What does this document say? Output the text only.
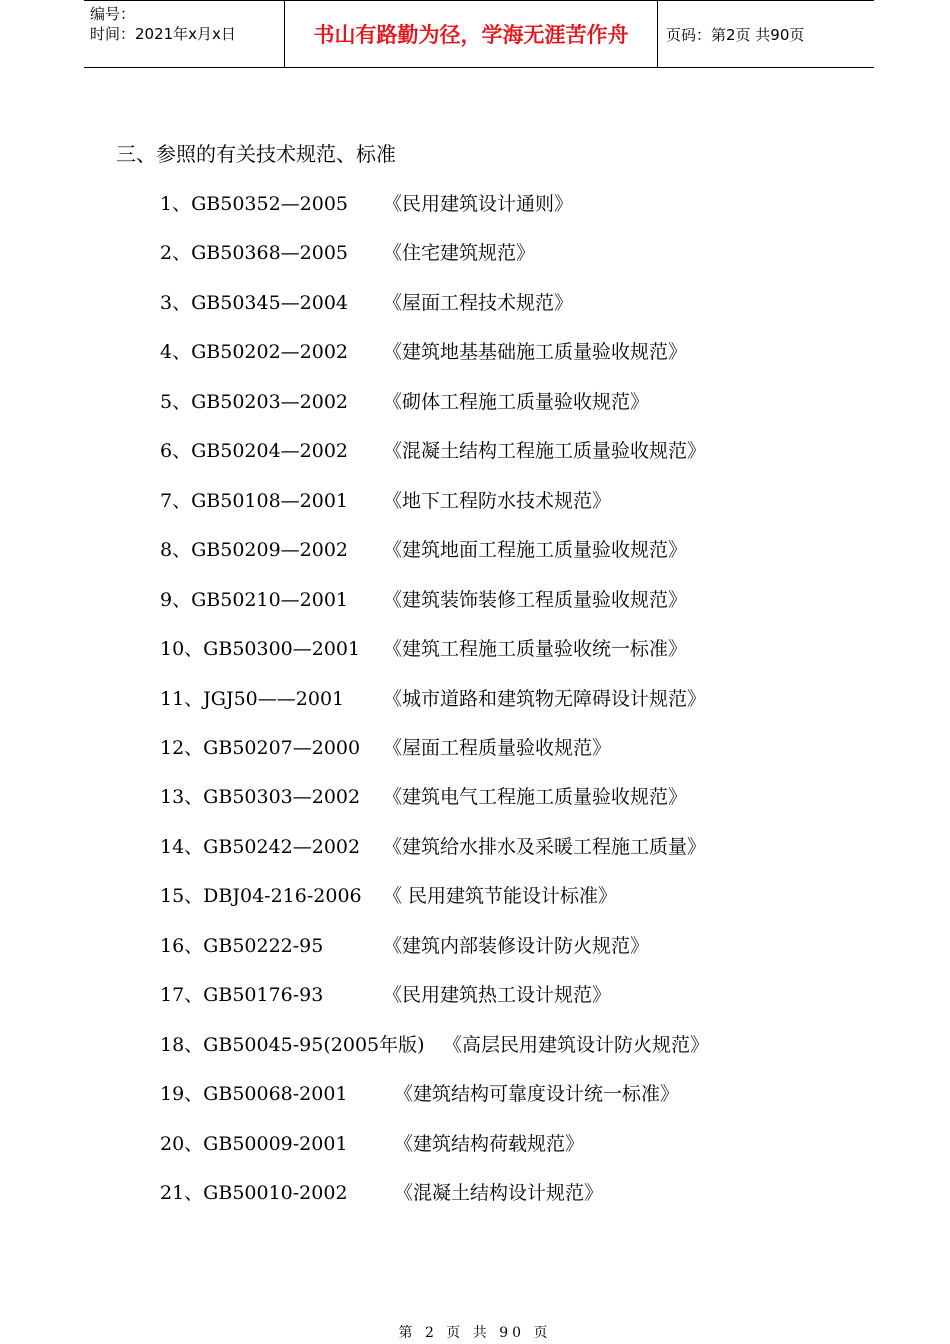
编号：
时间：2021年x月x日	书山有路勤为径，学海无涯苦作舟	页码：第2页 共90页
三、参照的有关技术规范、标准
1、GB50352—2005 《民用建筑设计通则》
2、GB50368—2005 《住宅建筑规范》
3、GB50345—2004 《屋面工程技术规范》
4、GB50202—2002 《建筑地基基础施工质量验收规范》
5、GB50203—2002 《砌体工程施工质量验收规范》
6、GB50204—2002 《混凝土结构工程施工质量验收规范》
7、GB50108—2001 《地下工程防水技术规范》
8、GB50209—2002 《建筑地面工程施工质量验收规范》
9、GB50210—2001 《建筑装饰装修工程质量验收规范》
10、GB50300—2001 《建筑工程施工质量验收统一标准》
11、JGJ50——2001 《城市道路和建筑物无障碍设计规范》
12、GB50207—2000 《屋面工程质量验收规范》
13、GB50303—2002 《建筑电气工程施工质量验收规范》
14、GB50242—2002 《建筑给水排水及采暖工程施工质量》
15、DBJ04-216-2006 《 民用建筑节能设计标准》
16、GB50222-95	《建筑内部装修设计防火规范》
17、GB50176-93	《民用建筑热工设计规范》
18、GB50045-95(2005年版) 《高层民用建筑设计防火规范》
19、GB50068-2001 《建筑结构可靠度设计统一标准》
20、GB50009-2001 《建筑结构荷载规范》
21、GB50010-2002 《混凝土结构设计规范》
第 2 页 共 90 页
